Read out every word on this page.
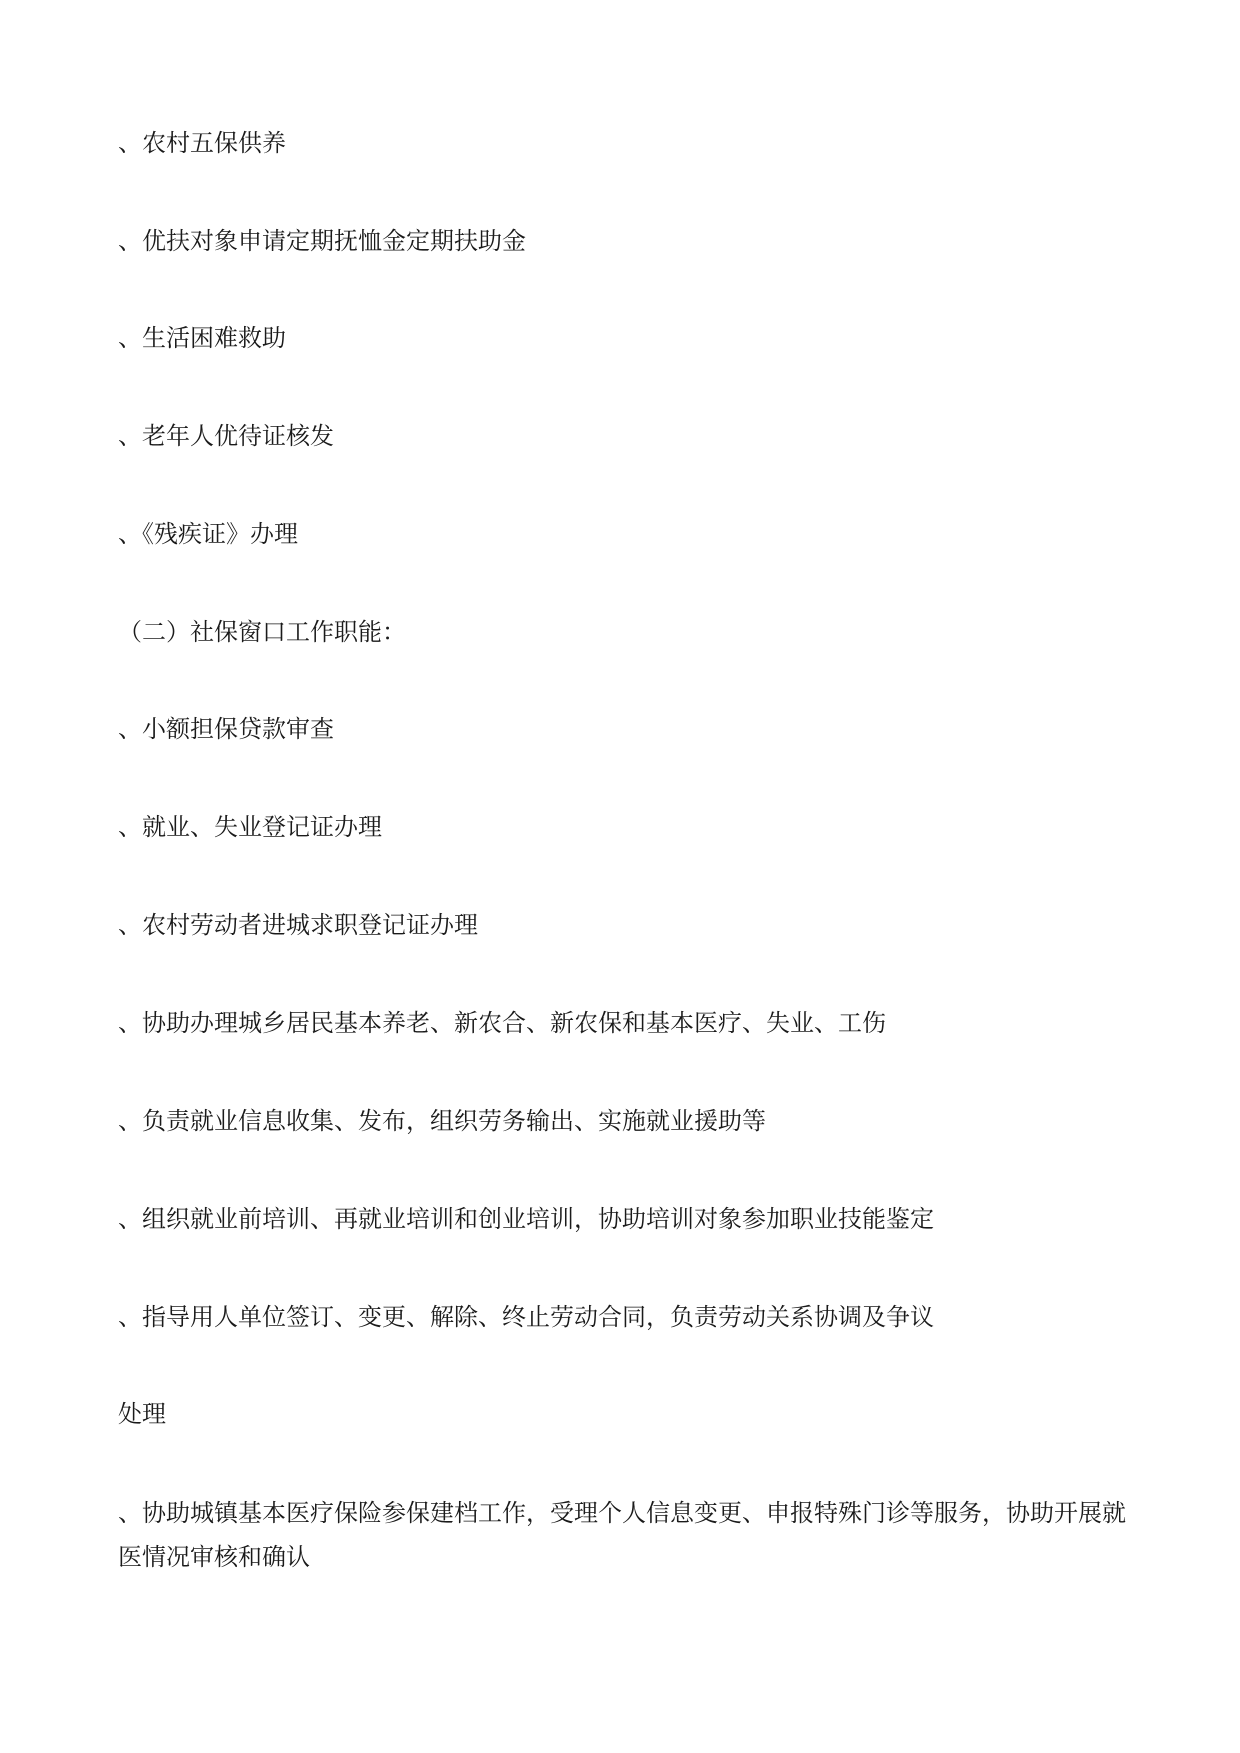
、农村五保供养
、优扶对象申请定期抚恤金定期扶助金
、生活困难救助
、老年人优待证核发
、《残疾证》办理
（二）社保窗口工作职能：
、小额担保贷款审查
、就业、失业登记证办理
、农村劳动者进城求职登记证办理
、协助办理城乡居民基本养老、新农合、新农保和基本医疗、失业、工伤
、负责就业信息收集、发布，组织劳务输出、实施就业援助等
、组织就业前培训、再就业培训和创业培训，协助培训对象参加职业技能鉴定
、指导用人单位签订、变更、解除、终止劳动合同，负责劳动关系协调及争议
处理
、协助城镇基本医疗保险参保建档工作，受理个人信息变更、申报特殊门诊等服务，协助开展就医情况审核和确认
